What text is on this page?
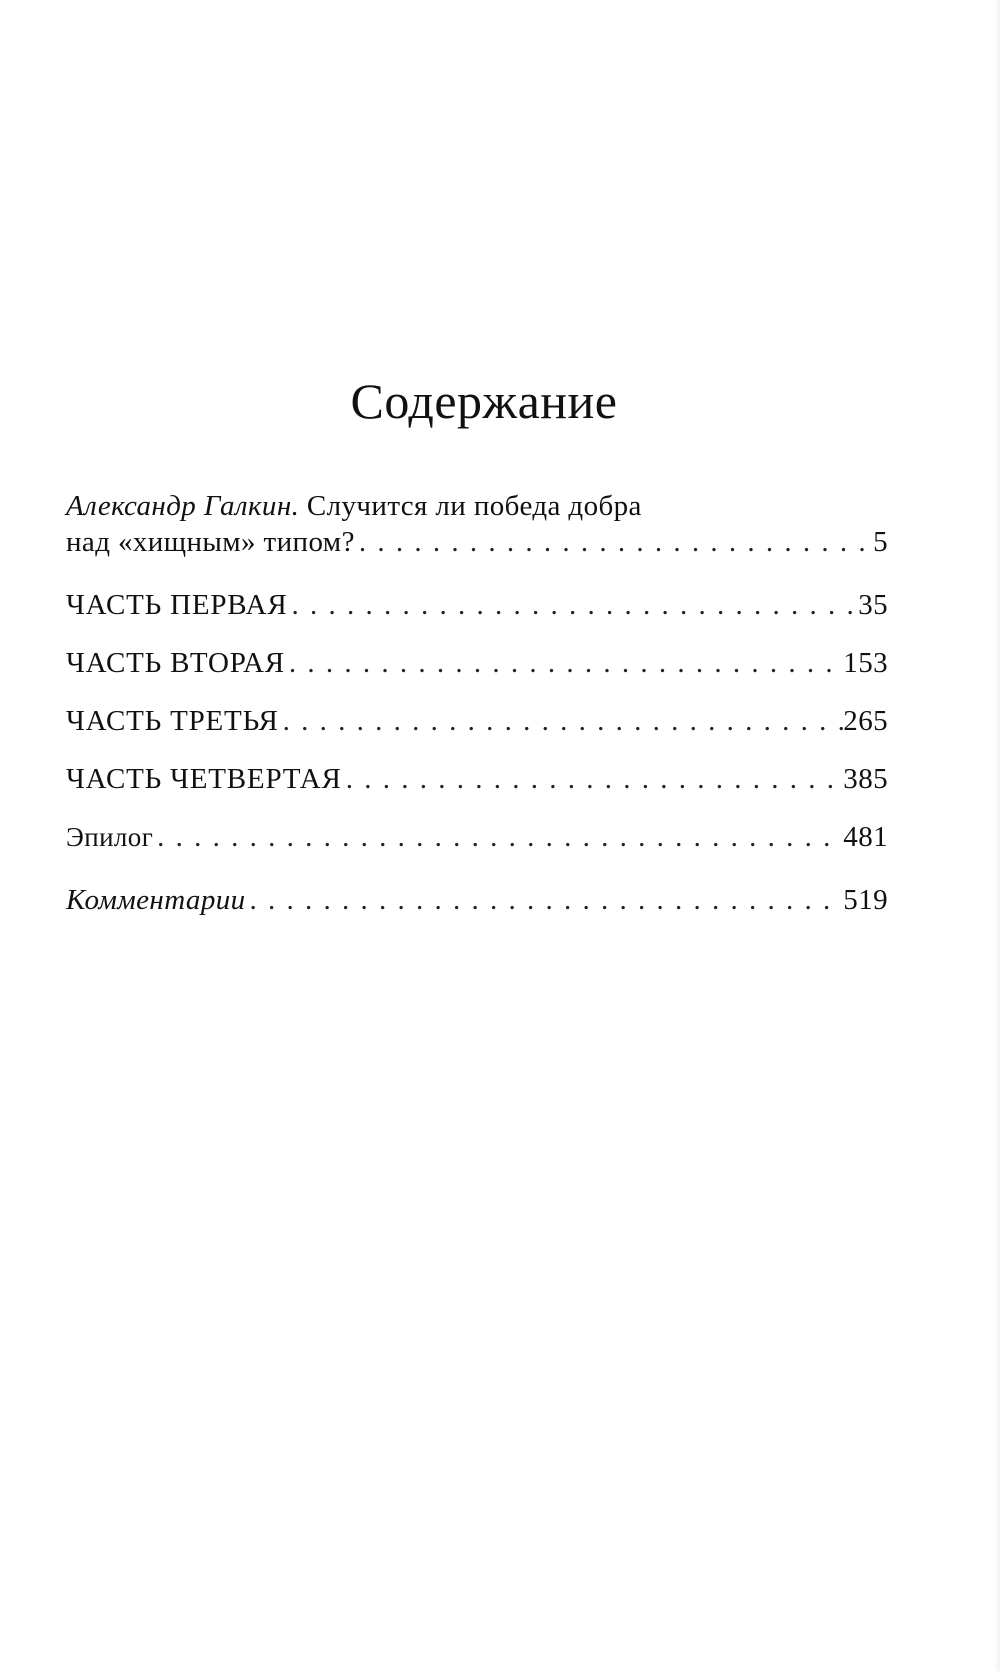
Содержание
Александр Галкин. Случится ли победа добра
над «хищным» типом? . . .	5
ЧАСТЬ ПЕРВАЯ . . .	35
ЧАСТЬ ВТОРАЯ . . .	153
ЧАСТЬ ТРЕТЬЯ . . .	265
ЧАСТЬ ЧЕТВЕРТАЯ . . .	385
Эпилог . . .	481
Комментарии . . .	519
